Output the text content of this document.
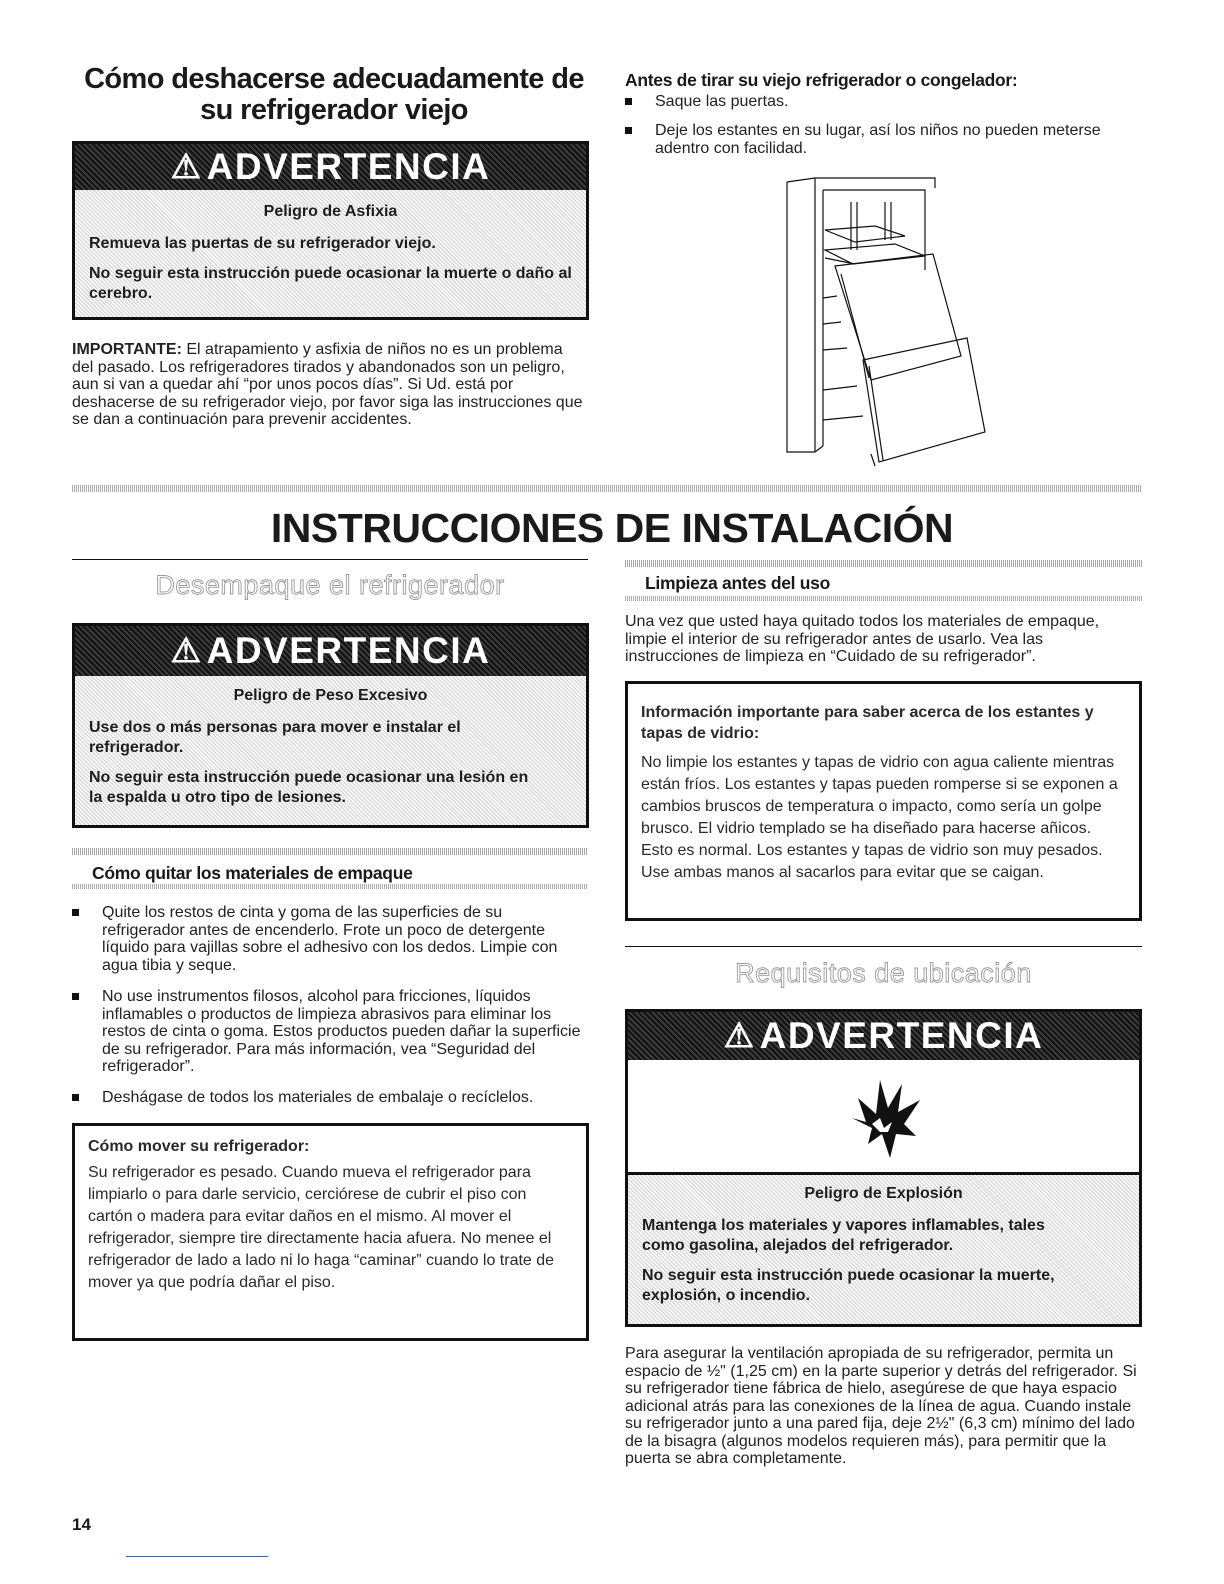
Cómo deshacerse adecuadamente de su refrigerador viejo
⚠ ADVERTENCIA
Peligro de Asfixia

Remueva las puertas de su refrigerador viejo.

No seguir esta instrucción puede ocasionar la muerte o daño al cerebro.

IMPORTANTE: El atrapamiento y asfixia de niños no es un problema del pasado. Los refrigeradores tirados y abandonados son un peligro, aun si van a quedar ahí “por unos pocos días”. Si Ud. está por deshacerse de su refrigerador viejo, por favor siga las instrucciones que se dan a continuación para prevenir accidentes.
Antes de tirar su viejo refrigerador o congelador:
Saque las puertas.
Deje los estantes en su lugar, así los niños no pueden meterse adentro con facilidad.
INSTRUCCIONES DE INSTALACIÓN
Desempaque el refrigerador
⚠ ADVERTENCIA
Peligro de Peso Excesivo

Use dos o más personas para mover e instalar el refrigerador.

No seguir esta instrucción puede ocasionar una lesión en la espalda u otro tipo de lesiones.

Cómo quitar los materiales de empaque
Quite los restos de cinta y goma de las superficies de su refrigerador antes de encenderlo. Frote un poco de detergente líquido para vajillas sobre el adhesivo con los dedos. Limpie con agua tibia y seque.
No use instrumentos filosos, alcohol para fricciones, líquidos inflamables o productos de limpieza abrasivos para eliminar los restos de cinta o goma. Estos productos pueden dañar la superficie de su refrigerador. Para más información, vea “Seguridad del refrigerador”.
Deshágase de todos los materiales de embalaje o recíclelos.
Cómo mover su refrigerador:
Su refrigerador es pesado. Cuando mueva el refrigerador para limpiarlo o para darle servicio, cerciórese de cubrir el piso con cartón o madera para evitar daños en el mismo. Al mover el refrigerador, siempre tire directamente hacia afuera. No menee el refrigerador de lado a lado ni lo haga “caminar” cuando lo trate de mover ya que podría dañar el piso.
Limpieza antes del uso
Una vez que usted haya quitado todos los materiales de empaque, limpie el interior de su refrigerador antes de usarlo. Vea las instrucciones de limpieza en “Cuidado de su refrigerador”.
Información importante para saber acerca de los estantes y tapas de vidrio:
No limpie los estantes y tapas de vidrio con agua caliente mientras están fríos. Los estantes y tapas pueden romperse si se exponen a cambios bruscos de temperatura o impacto, como sería un golpe brusco. El vidrio templado se ha diseñado para hacerse añicos. Esto es normal. Los estantes y tapas de vidrio son muy pesados. Use ambas manos al sacarlos para evitar que se caigan.
Requisitos de ubicación
⚠ ADVERTENCIA
Peligro de Explosión

Mantenga los materiales y vapores inflamables, tales como gasolina, alejados del refrigerador.

No seguir esta instrucción puede ocasionar la muerte, explosión, o incendio.

Para asegurar la ventilación apropiada de su refrigerador, permita un espacio de ½" (1,25 cm) en la parte superior y detrás del refrigerador. Si su refrigerador tiene fábrica de hielo, asegúrese de que haya espacio adicional atrás para las conexiones de la línea de agua. Cuando instale su refrigerador junto a una pared fija, deje 2½" (6,3 cm) mínimo del lado de la bisagra (algunos modelos requieren más), para permitir que la puerta se abra completamente.
14
